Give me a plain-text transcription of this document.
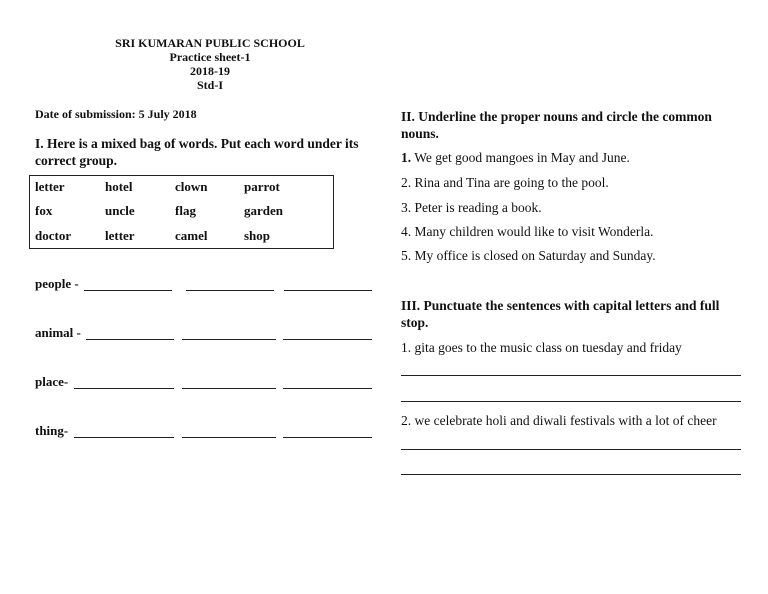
SRI KUMARAN PUBLIC SCHOOL
Practice sheet-1
2018-19
Std-I
Date of submission: 5 July 2018
I. Here is a mixed bag of words. Put each word under its correct group.
letter	hotel	clown	parrot
fox	uncle	flag	garden
doctor	letter	camel	shop
people -
animal -
place-
thing-
II. Underline the proper nouns and circle the common nouns.
1. We get good mangoes in May and June.
2. Rina and Tina are going to the pool.
3. Peter is reading a book.
4. Many children would like to visit Wonderla.
5. My office is closed on Saturday and Sunday.
III. Punctuate the sentences with capital letters and full stop.
1. gita goes to the music class on tuesday and friday
2. we celebrate holi and diwali festivals with a lot of cheer
